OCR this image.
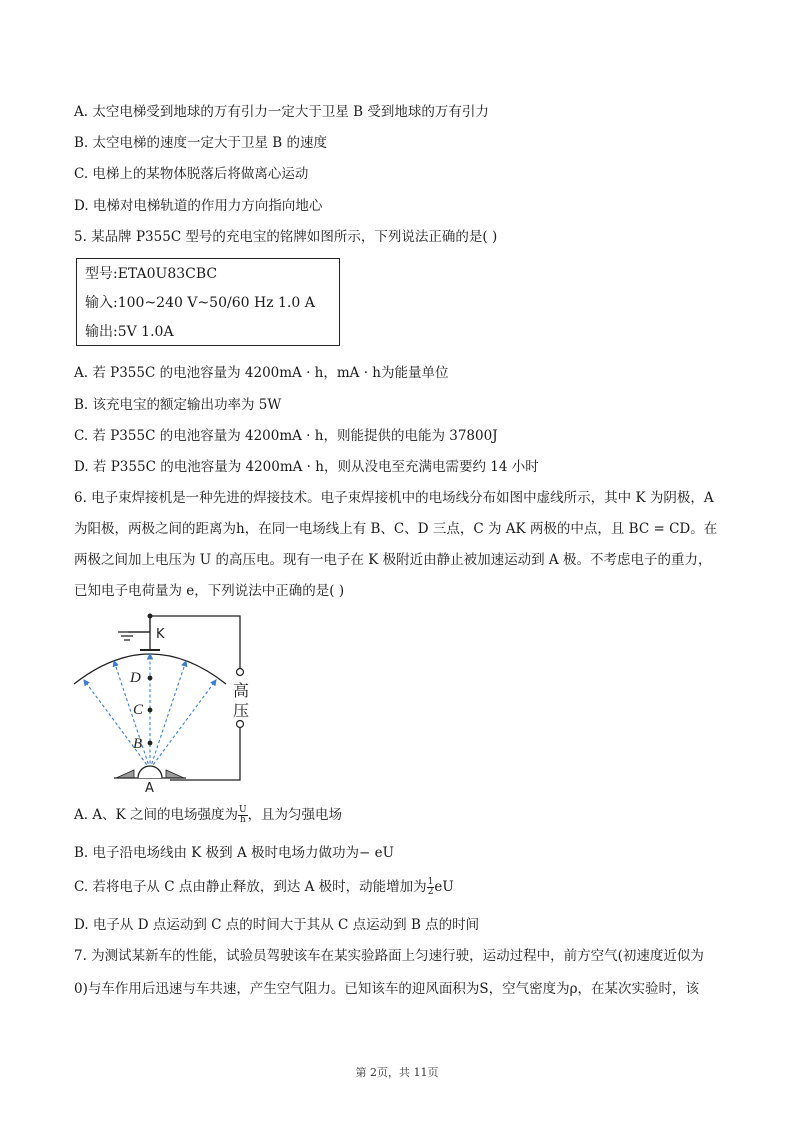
A. 太空电梯受到地球的万有引力一定大于卫星 B 受到地球的万有引力
B. 太空电梯的速度一定大于卫星 B 的速度
C. 电梯上的某物体脱落后将做离心运动
D. 电梯对电梯轨道的作用力方向指向地心
5. 某品牌 P355C 型号的充电宝的铭牌如图所示，下列说法正确的是( )
型号:ETA0U83CBC
输入:100~240 V~50/60 Hz 1.0 A
输出:5V 1.0A
A. 若 P355C 的电池容量为 4200mA · h，mA · h为能量单位
B. 该充电宝的额定输出功率为 5W
C. 若 P355C 的电池容量为 4200mA · h，则能提供的电能为 37800J
D. 若 P355C 的电池容量为 4200mA · h，则从没电至充满电需要约 14 小时
6. 电子束焊接机是一种先进的焊接技术。电子束焊接机中的电场线分布如图中虚线所示，其中 K 为阴极，A
为阳极，两极之间的距离为h，在同一电场线上有 B、C、D 三点，C 为 AK 两极的中点，且 BC = CD。在
两极之间加上电压为 U 的高压电。现有一电子在 K 极附近由静止被加速运动到 A 极。不考虑电子的重力，
已知电子电荷量为 e，下列说法中正确的是( )
K
D
C
B
A
高
压
A. A、K 之间的电场强度为 $\frac{U}{h}$ ，且为匀强电场
B. 电子沿电场线由 K 极到 A 极时电场力做功为− eU
C. 若将电子从 C 点由静止释放，到达 A 极时，动能增加为 $\frac{1}{2}$ eU
D. 电子从 D 点运动到 C 点的时间大于其从 C 点运动到 B 点的时间
7. 为测试某新车的性能，试验员驾驶该车在某实验路面上匀速行驶，运动过程中，前方空气(初速度近似为
0)与车作用后迅速与车共速，产生空气阻力。已知该车的迎风面积为S，空气密度为ρ，在某次实验时，该
第 2页，共 11页
